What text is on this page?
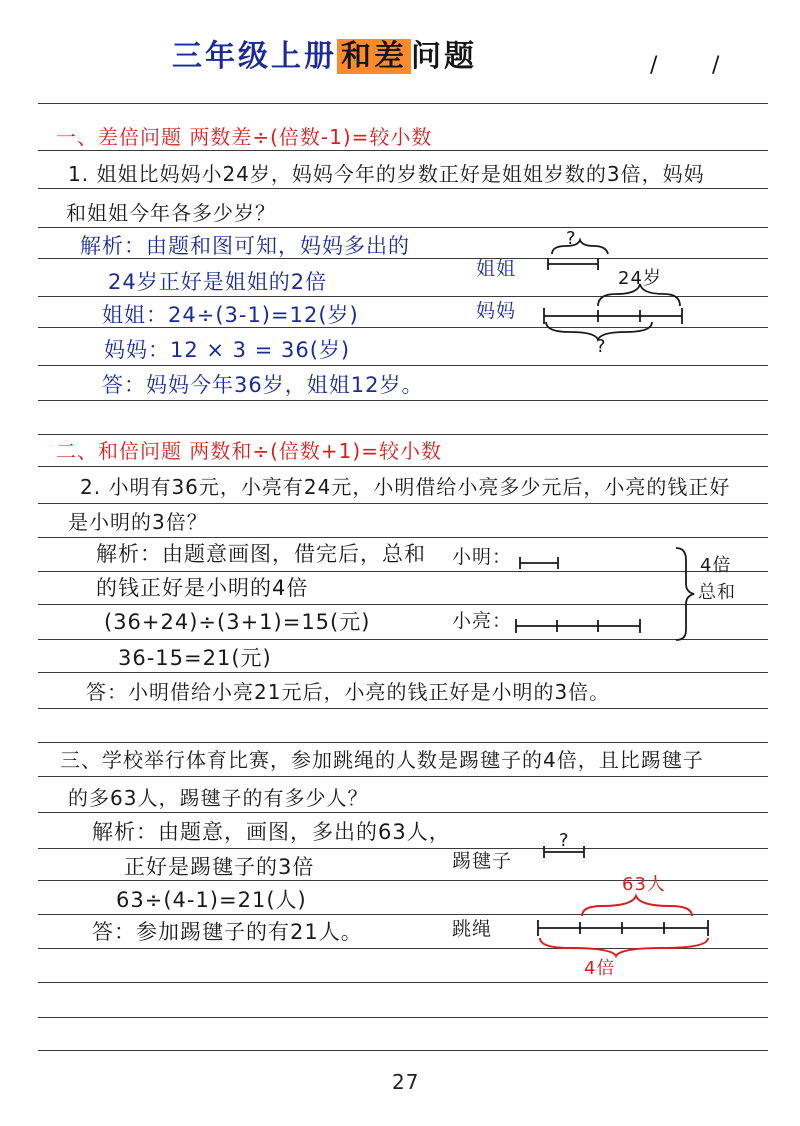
三年级上册 和差 问题	/ /
一、差倍问题 两数差÷(倍数-1)=较小数
1. 姐姐比妈妈小24岁，妈妈今年的岁数正好是姐姐岁数的3倍，妈妈
和姐姐今年各多少岁？
解析：由题和图可知，妈妈多出的
24岁正好是姐姐的2倍
姐姐：24÷(3-1)=12(岁)
妈妈：12 × 3 = 36(岁)
答：妈妈今年36岁，姐姐12岁。
姐姐
妈妈
?
?
24岁
二、和倍问题 两数和÷(倍数+1)=较小数
2. 小明有36元，小亮有24元，小明借给小亮多少元后，小亮的钱正好
是小明的3倍？
解析：由题意画图，借完后，总和
的钱正好是小明的4倍
(36+24)÷(3+1)=15(元)
36-15=21(元)
答：小明借给小亮21元后，小亮的钱正好是小明的3倍。
小明：
小亮：
4倍
总和
三、学校举行体育比赛，参加跳绳的人数是踢毽子的4倍，且比踢毽子
的多63人，踢毽子的有多少人？
解析：由题意，画图，多出的63人，
正好是踢毽子的3倍
63÷(4-1)=21(人)
答：参加踢毽子的有21人。
踢毽子
跳绳
?
63人
4倍
27
